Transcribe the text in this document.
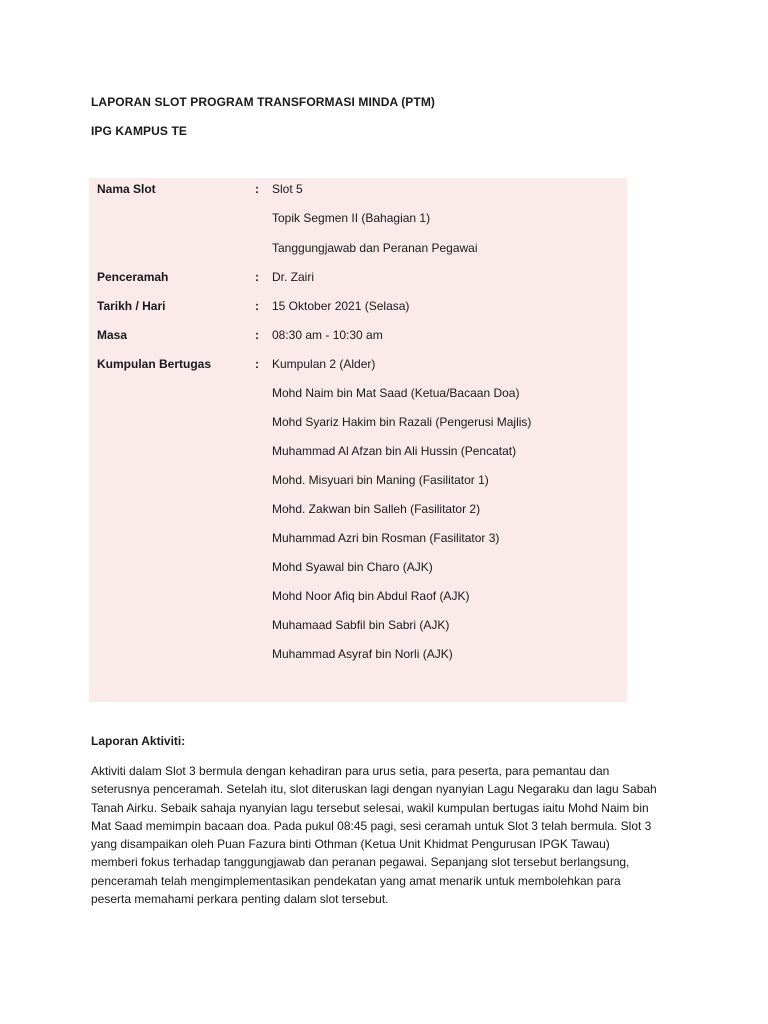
LAPORAN SLOT PROGRAM TRANSFORMASI MINDA (PTM)
IPG KAMPUS TE
Nama Slot	: Slot 5
Topik Segmen II (Bahagian 1)
Tanggungjawab dan Peranan Pegawai
Penceramah	: Dr. Zairi
Tarikh / Hari	: 15 Oktober 2021 (Selasa)
Masa	: 08:30 am - 10:30 am
Kumpulan Bertugas	: Kumpulan 2 (Alder)
Mohd Naim bin Mat Saad (Ketua/Bacaan Doa)
Mohd Syariz Hakim bin Razali (Pengerusi Majlis)
Muhammad Al Afzan bin Ali Hussin (Pencatat)
Mohd. Misyuari bin Maning (Fasilitator 1)
Mohd. Zakwan bin Salleh (Fasilitator 2)
Muhammad Azri bin Rosman (Fasilitator 3)
Mohd Syawal bin Charo (AJK)
Mohd Noor Afiq bin Abdul Raof (AJK)
Muhamaad Sabfil bin Sabri (AJK)
Muhammad Asyraf bin Norli (AJK)
Laporan Aktiviti:

Aktiviti dalam Slot 3 bermula dengan kehadiran para urus setia, para peserta, para pemantau dan
seterusnya penceramah. Setelah itu, slot diteruskan lagi dengan nyanyian Lagu Negaraku dan lagu Sabah
Tanah Airku. Sebaik sahaja nyanyian lagu tersebut selesai, wakil kumpulan bertugas iaitu Mohd Naim bin
Mat Saad memimpin bacaan doa. Pada pukul 08:45 pagi, sesi ceramah untuk Slot 3 telah bermula. Slot 3
yang disampaikan oleh Puan Fazura binti Othman (Ketua Unit Khidmat Pengurusan IPGK Tawau)
memberi fokus terhadap tanggungjawab dan peranan pegawai. Sepanjang slot tersebut berlangsung,
penceramah telah mengimplementasikan pendekatan yang amat menarik untuk membolehkan para
peserta memahami perkara penting dalam slot tersebut.
